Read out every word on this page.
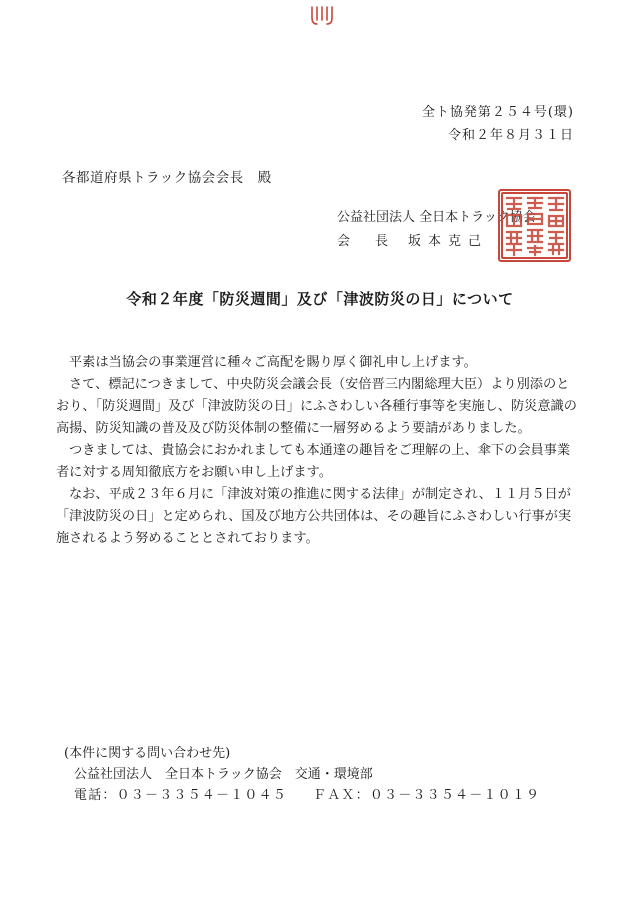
全ト協発第２５４号(環)
令和２年８月３１日
各都道府県トラック協会会長　殿
公益社団法人 全日本トラック協会
会　長 坂本克己
令和２年度「防災週間」及び「津波防災の日」について

平素は当協会の事業運営に種々ご高配を賜り厚く御礼申し上げます。

さて、標記につきまして、中央防災会議会長（安倍晋三内閣総理大臣）より別添のと

おり、「防災週間」及び「津波防災の日」にふさわしい各種行事等を実施し、防災意識の

高揚、防災知識の普及及び防災体制の整備に一層努めるよう要請がありました。

つきましては、貴協会におかれましても本通達の趣旨をご理解の上、傘下の会員事業

者に対する周知徹底方をお願い申し上げます。

なお、平成２３年６月に「津波対策の推進に関する法律」が制定され、１１月５日が

「津波防災の日」と定められ、国及び地方公共団体は、その趣旨にふさわしい行事が実

施されるよう努めることとされております。

(本件に関する問い合わせ先)
公益社団法人　全日本トラック協会　交通・環境部
電話：０３－３３５４－１０４５ ＦＡＸ：０３－３３５４－１０１９
